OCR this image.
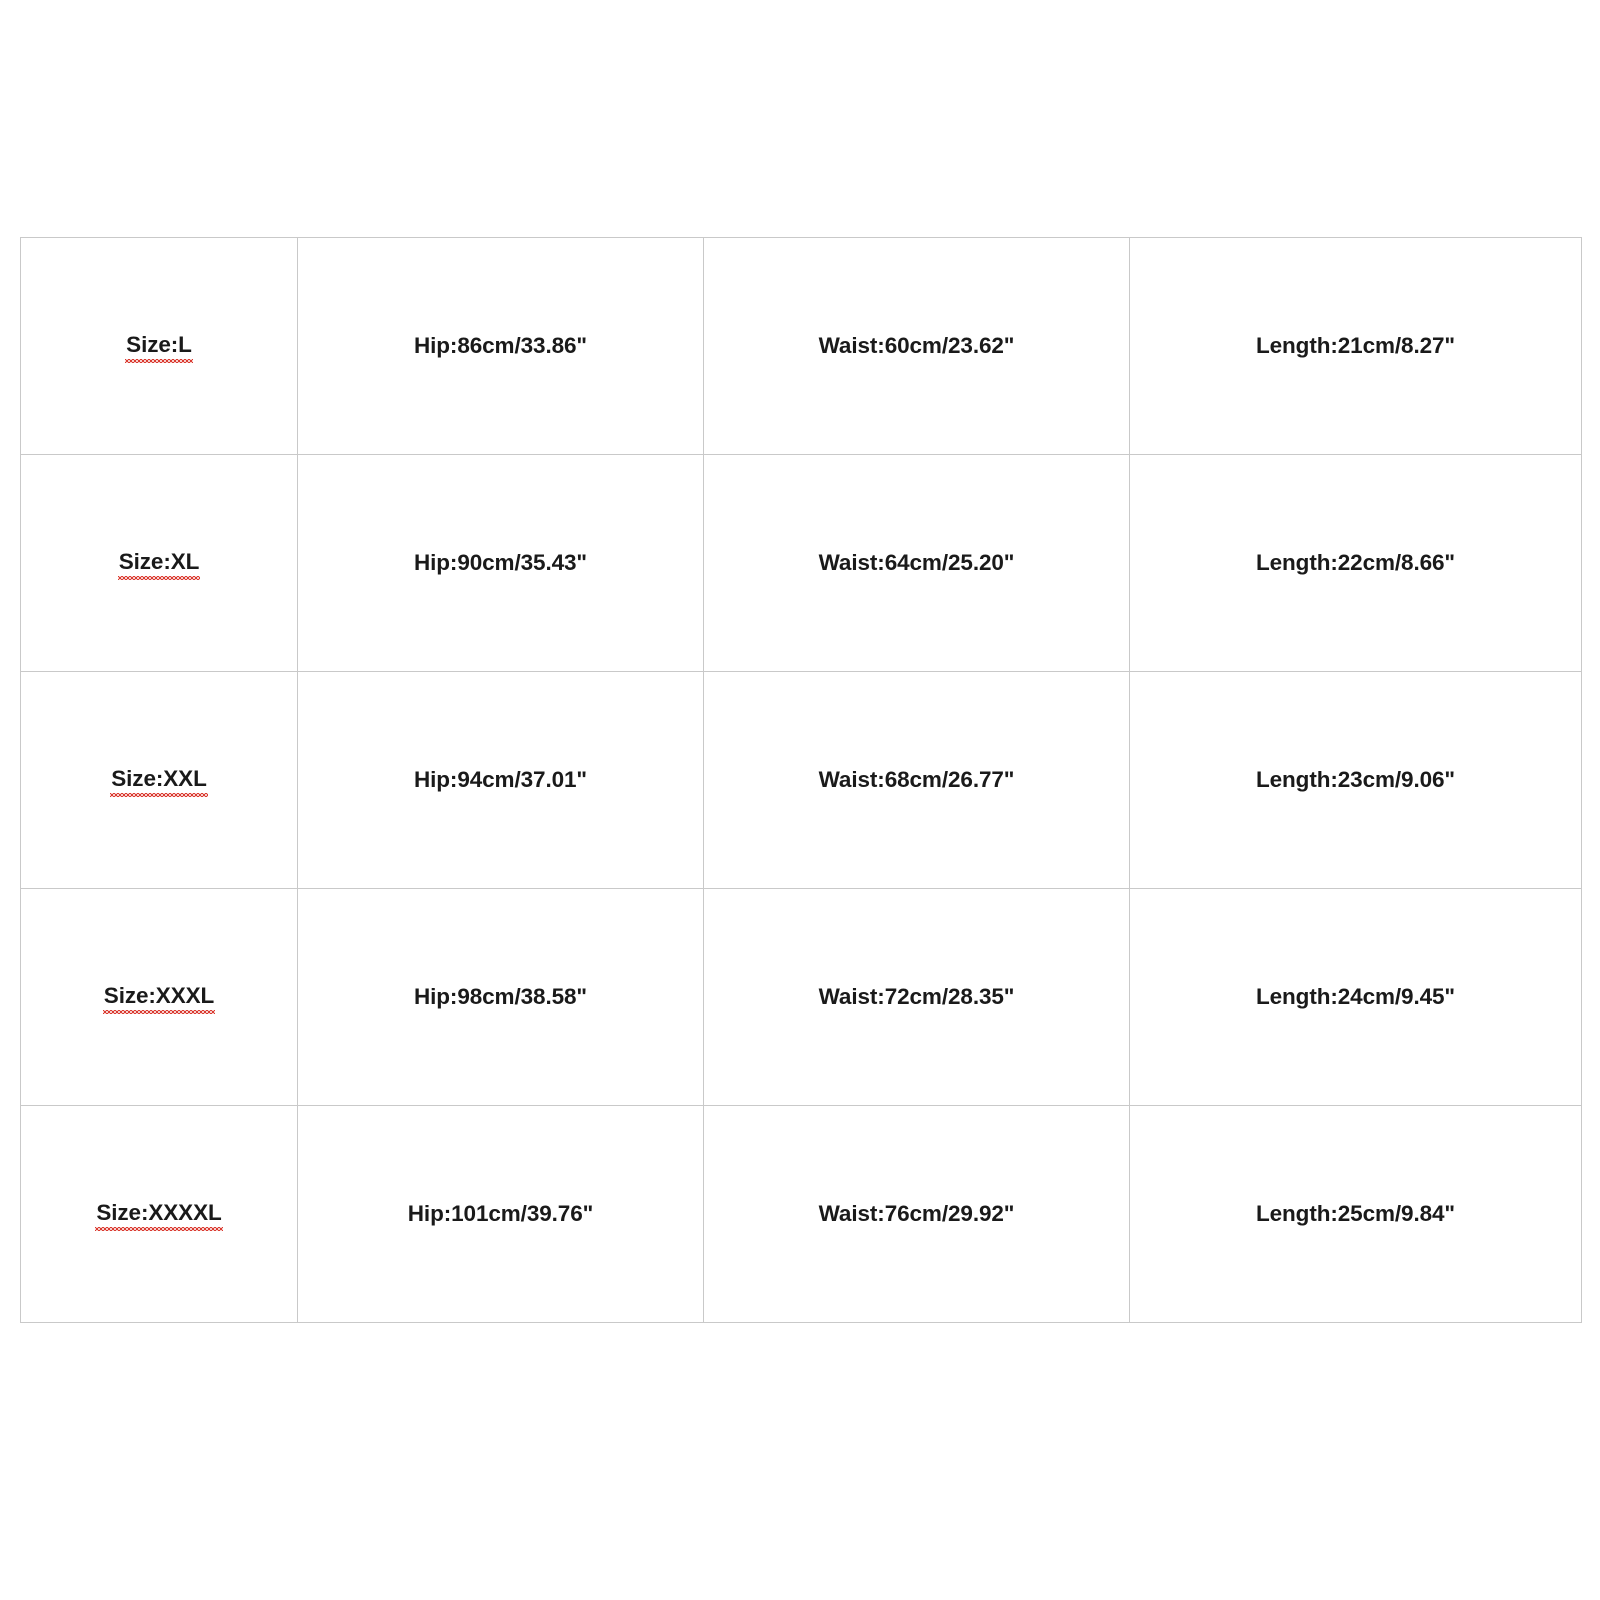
Size:L	Hip:86cm/33.86"	Waist:60cm/23.62"	Length:21cm/8.27"
Size:XL	Hip:90cm/35.43"	Waist:64cm/25.20"	Length:22cm/8.66"
Size:XXL	Hip:94cm/37.01"	Waist:68cm/26.77"	Length:23cm/9.06"
Size:XXXL	Hip:98cm/38.58"	Waist:72cm/28.35"	Length:24cm/9.45"
Size:XXXXL	Hip:101cm/39.76"	Waist:76cm/29.92"	Length:25cm/9.84"
